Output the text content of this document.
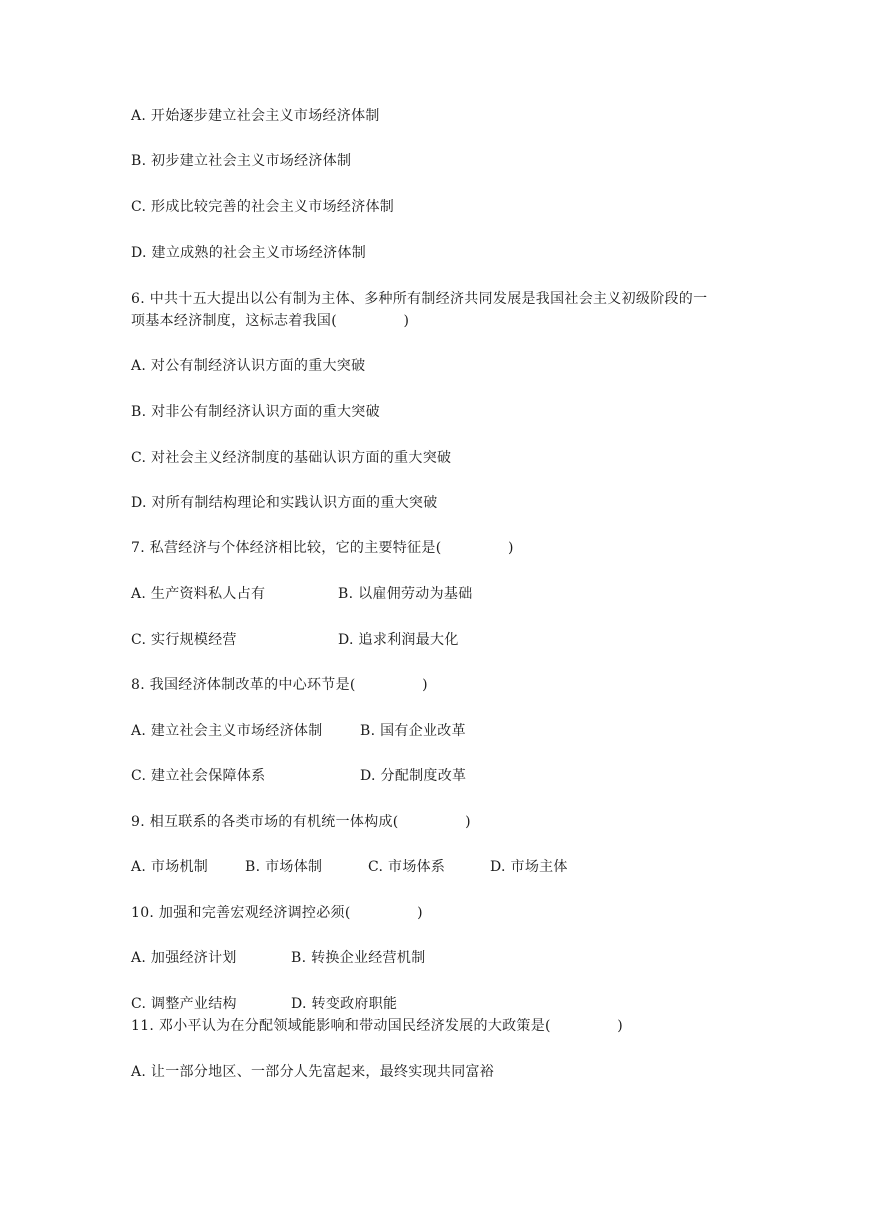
A. 开始逐步建立社会主义市场经济体制
B. 初步建立社会主义市场经济体制
C. 形成比较完善的社会主义市场经济体制
D. 建立成熟的社会主义市场经济体制
6. 中共十五大提出以公有制为主体、多种所有制经济共同发展是我国社会主义初级阶段的一
项基本经济制度，这标志着我国(              )
A. 对公有制经济认识方面的重大突破
B. 对非公有制经济认识方面的重大突破
C. 对社会主义经济制度的基础认识方面的重大突破
D. 对所有制结构理论和实践认识方面的重大突破
7. 私营经济与个体经济相比较，它的主要特征是(              )
A. 生产资料私人占有	B. 以雇佣劳动为基础
C. 实行规模经营	D. 追求利润最大化
8. 我国经济体制改革的中心环节是(              )
A. 建立社会主义市场经济体制	B. 国有企业改革
C. 建立社会保障体系	D. 分配制度改革
9. 相互联系的各类市场的有机统一体构成(              )
A. 市场机制	B. 市场体制	C. 市场体系	D. 市场主体
10. 加强和完善宏观经济调控必须(              )
A. 加强经济计划	B. 转换企业经营机制
C. 调整产业结构	D. 转变政府职能
11. 邓小平认为在分配领域能影响和带动国民经济发展的大政策是(              )
A. 让一部分地区、一部分人先富起来，最终实现共同富裕
